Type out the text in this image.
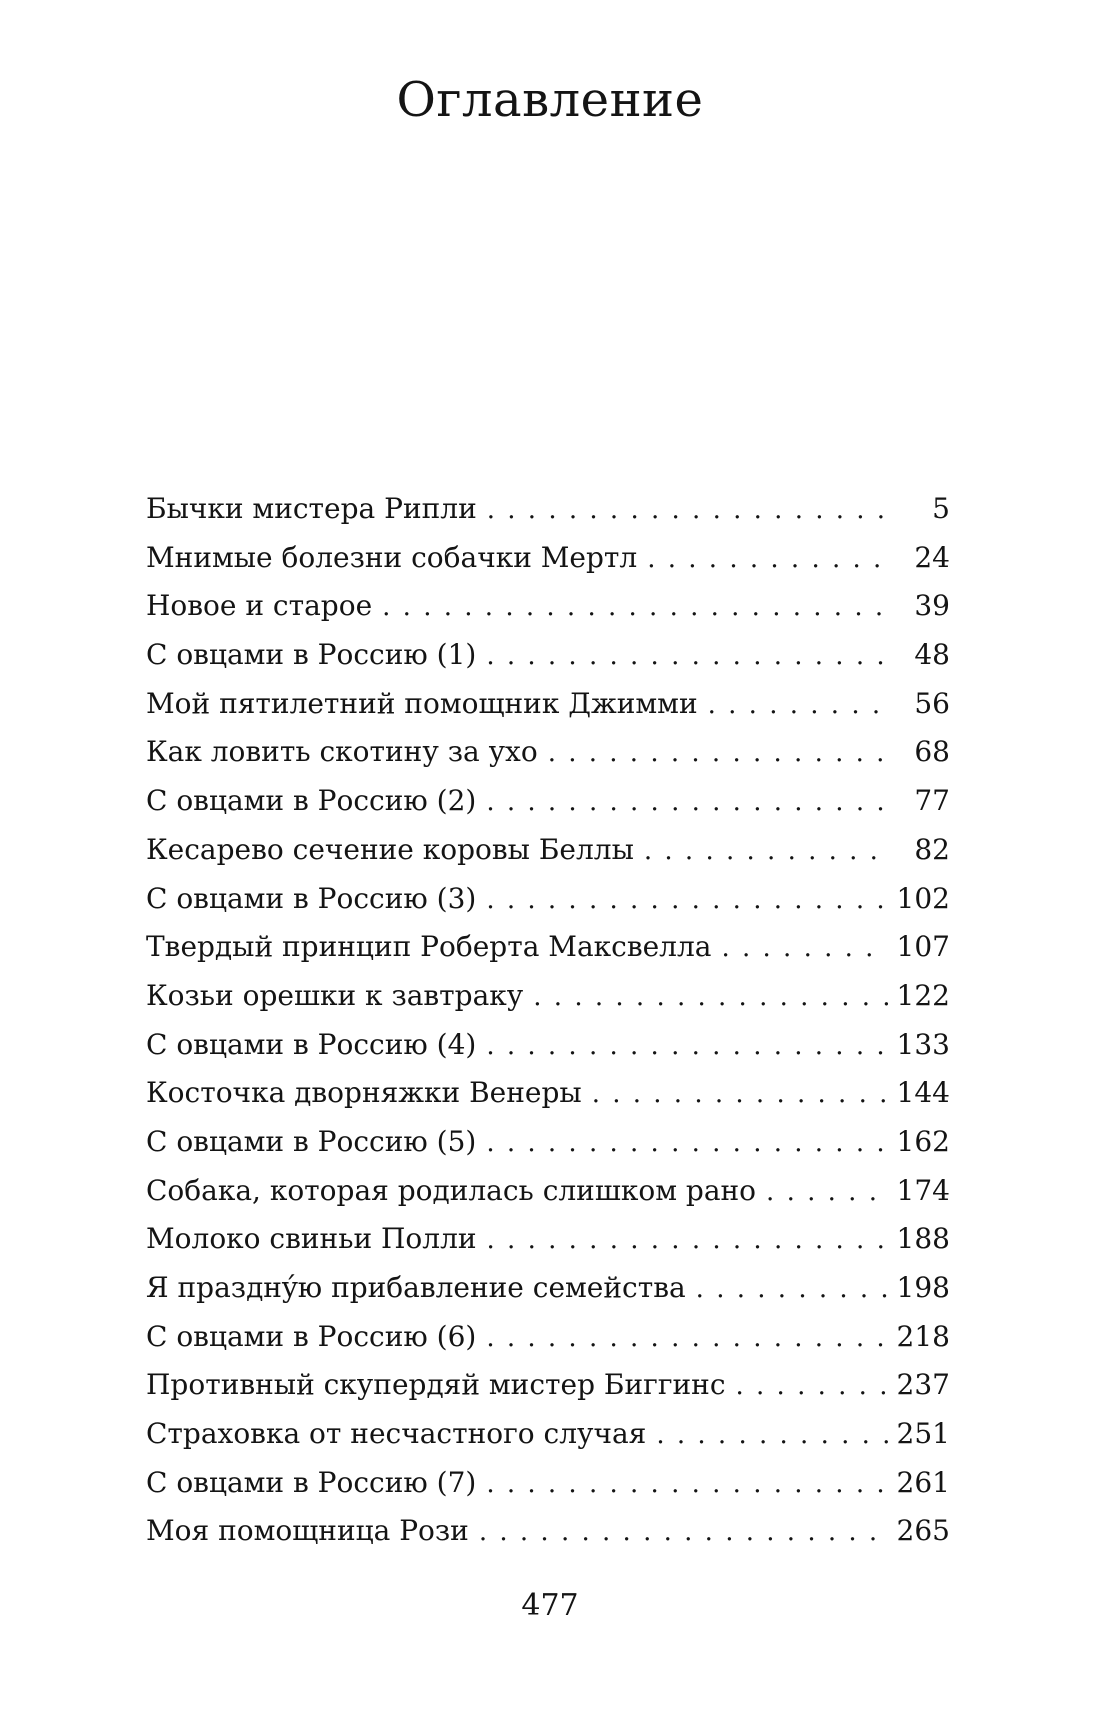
Оглавление
Бычки мистера Рипли . . .	5
Мнимые болезни собачки Мертл . . .	24
Новое и старое . . .	39
С овцами в Россию (1) . . .	48
Мой пятилетний помощник Джимми . . .	56
Как ловить скотину за ухо . . .	68
С овцами в Россию (2) . . .	77
Кесарево сечение коровы Беллы . . .	82
С овцами в Россию (3) . . .	102
Твердый принцип Роберта Максвелла . . .	107
Козьи орешки к завтраку . . .	122
С овцами в Россию (4) . . .	133
Косточка дворняжки Венеры . . .	144
С овцами в Россию (5) . . .	162
Собака, которая родилась слишком рано . . .	174
Молоко свиньи Полли . . .	188
Я празднýю прибавление семейства . . .	198
С овцами в Россию (6) . . .	218
Противный скупердяй мистер Биггинс . . .	237
Страховка от несчастного случая . . .	251
С овцами в Россию (7) . . .	261
Моя помощница Рози . . .	265
477
